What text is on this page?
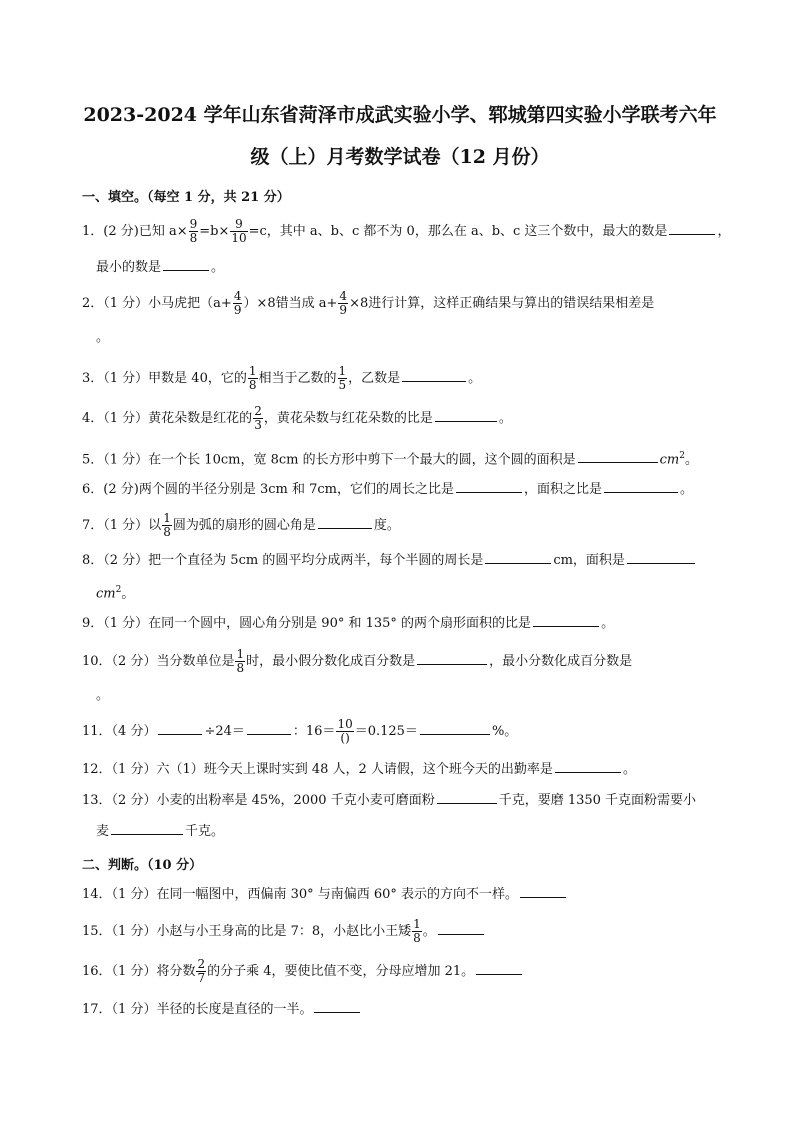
2023-2024 学年山东省菏泽市成武实验小学、郓城第四实验小学联考六年
级（上）月考数学试卷（12 月份）
一、填空。（每空 1 分，共 21 分）
1．(2 分)已知 $a\times \frac{9}{8} =b\times \frac{9}{10} =c$，其中 a、b、c 都不为 0，那么在 a、b、c 这三个数中，最大的数是	，
最小的数是	。
2．（1 分）小马虎把$(a+ \frac{4}{9} )\times 8$错当成 $a+ \frac{4}{9} \times 8$进行计算，这样正确结果与算出的错误结果相差是
。
3．（1 分）甲数是 40，它的 $\frac{1}{8}$ 相当于乙数的 $\frac{1}{5}$ ，乙数是	。
4．（1 分）黄花朵数是红花的 $\frac{2}{3}$ ，黄花朵数与红花朵数的比是	。
5．（1 分）在一个长 10cm，宽 8cm 的长方形中剪下一个最大的圆，这个圆的面积是	$cm^2$。
6．(2 分)两个圆的半径分别是 3cm 和 7cm，它们的周长之比是	，面积之比是	。
7．（1 分）以 $\frac{1}{8}$ 圆为弧的扇形的圆心角是	度。
8．（2 分）把一个直径为 5cm 的圆平均分成两半，每个半圆的周长是	cm，面积是
$cm^2$。
9．（1 分）在同一个圆中，圆心角分别是 90° 和 135° 的两个扇形面积的比是	。
10．（2 分）当分数单位是 $\frac{1}{8}$ 时，最小假分数化成百分数是	，最小分数化成百分数是
。
11．（4 分）	÷24＝	：$16= \frac{10}{()} =0.125=$	%。
12．（1 分）六（1）班今天上课时实到 48 人，2 人请假，这个班今天的出勤率是	。
13．（2 分）小麦的出粉率是 45%，2000 千克小麦可磨面粉	千克，要磨 1350 千克面粉需要小
麦	千克。
二、判断。（10 分）
14．（1 分）在同一幅图中，西偏南 30° 与南偏西 60° 表示的方向不一样。
15．（1 分）小赵与小王身高的比是 7：8，小赵比小王矮 $\frac{1}{8}$ 。
16．（1 分）将分数 $\frac{2}{7}$ 的分子乘 4，要使比值不变，分母应增加 21。
17．（1 分）半径的长度是直径的一半。
